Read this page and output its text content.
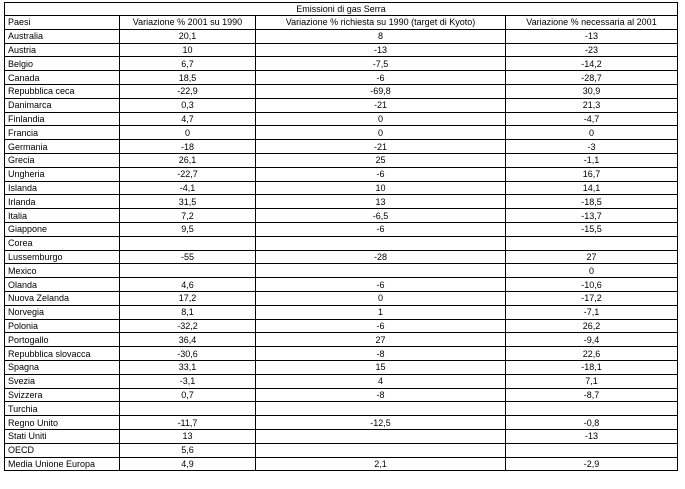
Emissioni di gas Serra			
Paesi	Variazione % 2001 su 1990	Variazione % richiesta su 1990 (target di Kyoto)	Variazione % necessaria al 2001
Australia	20,1	8	-13
Austria	10	-13	-23
Belgio	6,7	-7,5	-14,2
Canada	18,5	-6	-28,7
Repubblica ceca	-22,9	-69,8	30,9
Danimarca	0,3	-21	21,3
Finlandia	4,7	0	-4,7
Francia	0	0	0
Germania	-18	-21	-3
Grecia	26,1	25	-1,1
Ungheria	-22,7	-6	16,7
Islanda	-4,1	10	14,1
Irlanda	31,5	13	-18,5
Italia	7,2	-6,5	-13,7
Giappone	9,5	-6	-15,5
Corea			
Lussemburgo	-55	-28	27
Mexico			0
Olanda	4,6	-6	-10,6
Nuova Zelanda	17,2	0	-17,2
Norvegia	8,1	1	-7,1
Polonia	-32,2	-6	26,2
Portogallo	36,4	27	-9,4
Repubblica slovacca	-30,6	-8	22,6
Spagna	33,1	15	-18,1
Svezia	-3,1	4	7,1
Svizzera	0,7	-8	-8,7
Turchia			
Regno Unito	-11,7	-12,5	-0,8
Stati Uniti	13		-13
OECD	5,6		
Media Unione Europa	4,9	2,1	-2,9
